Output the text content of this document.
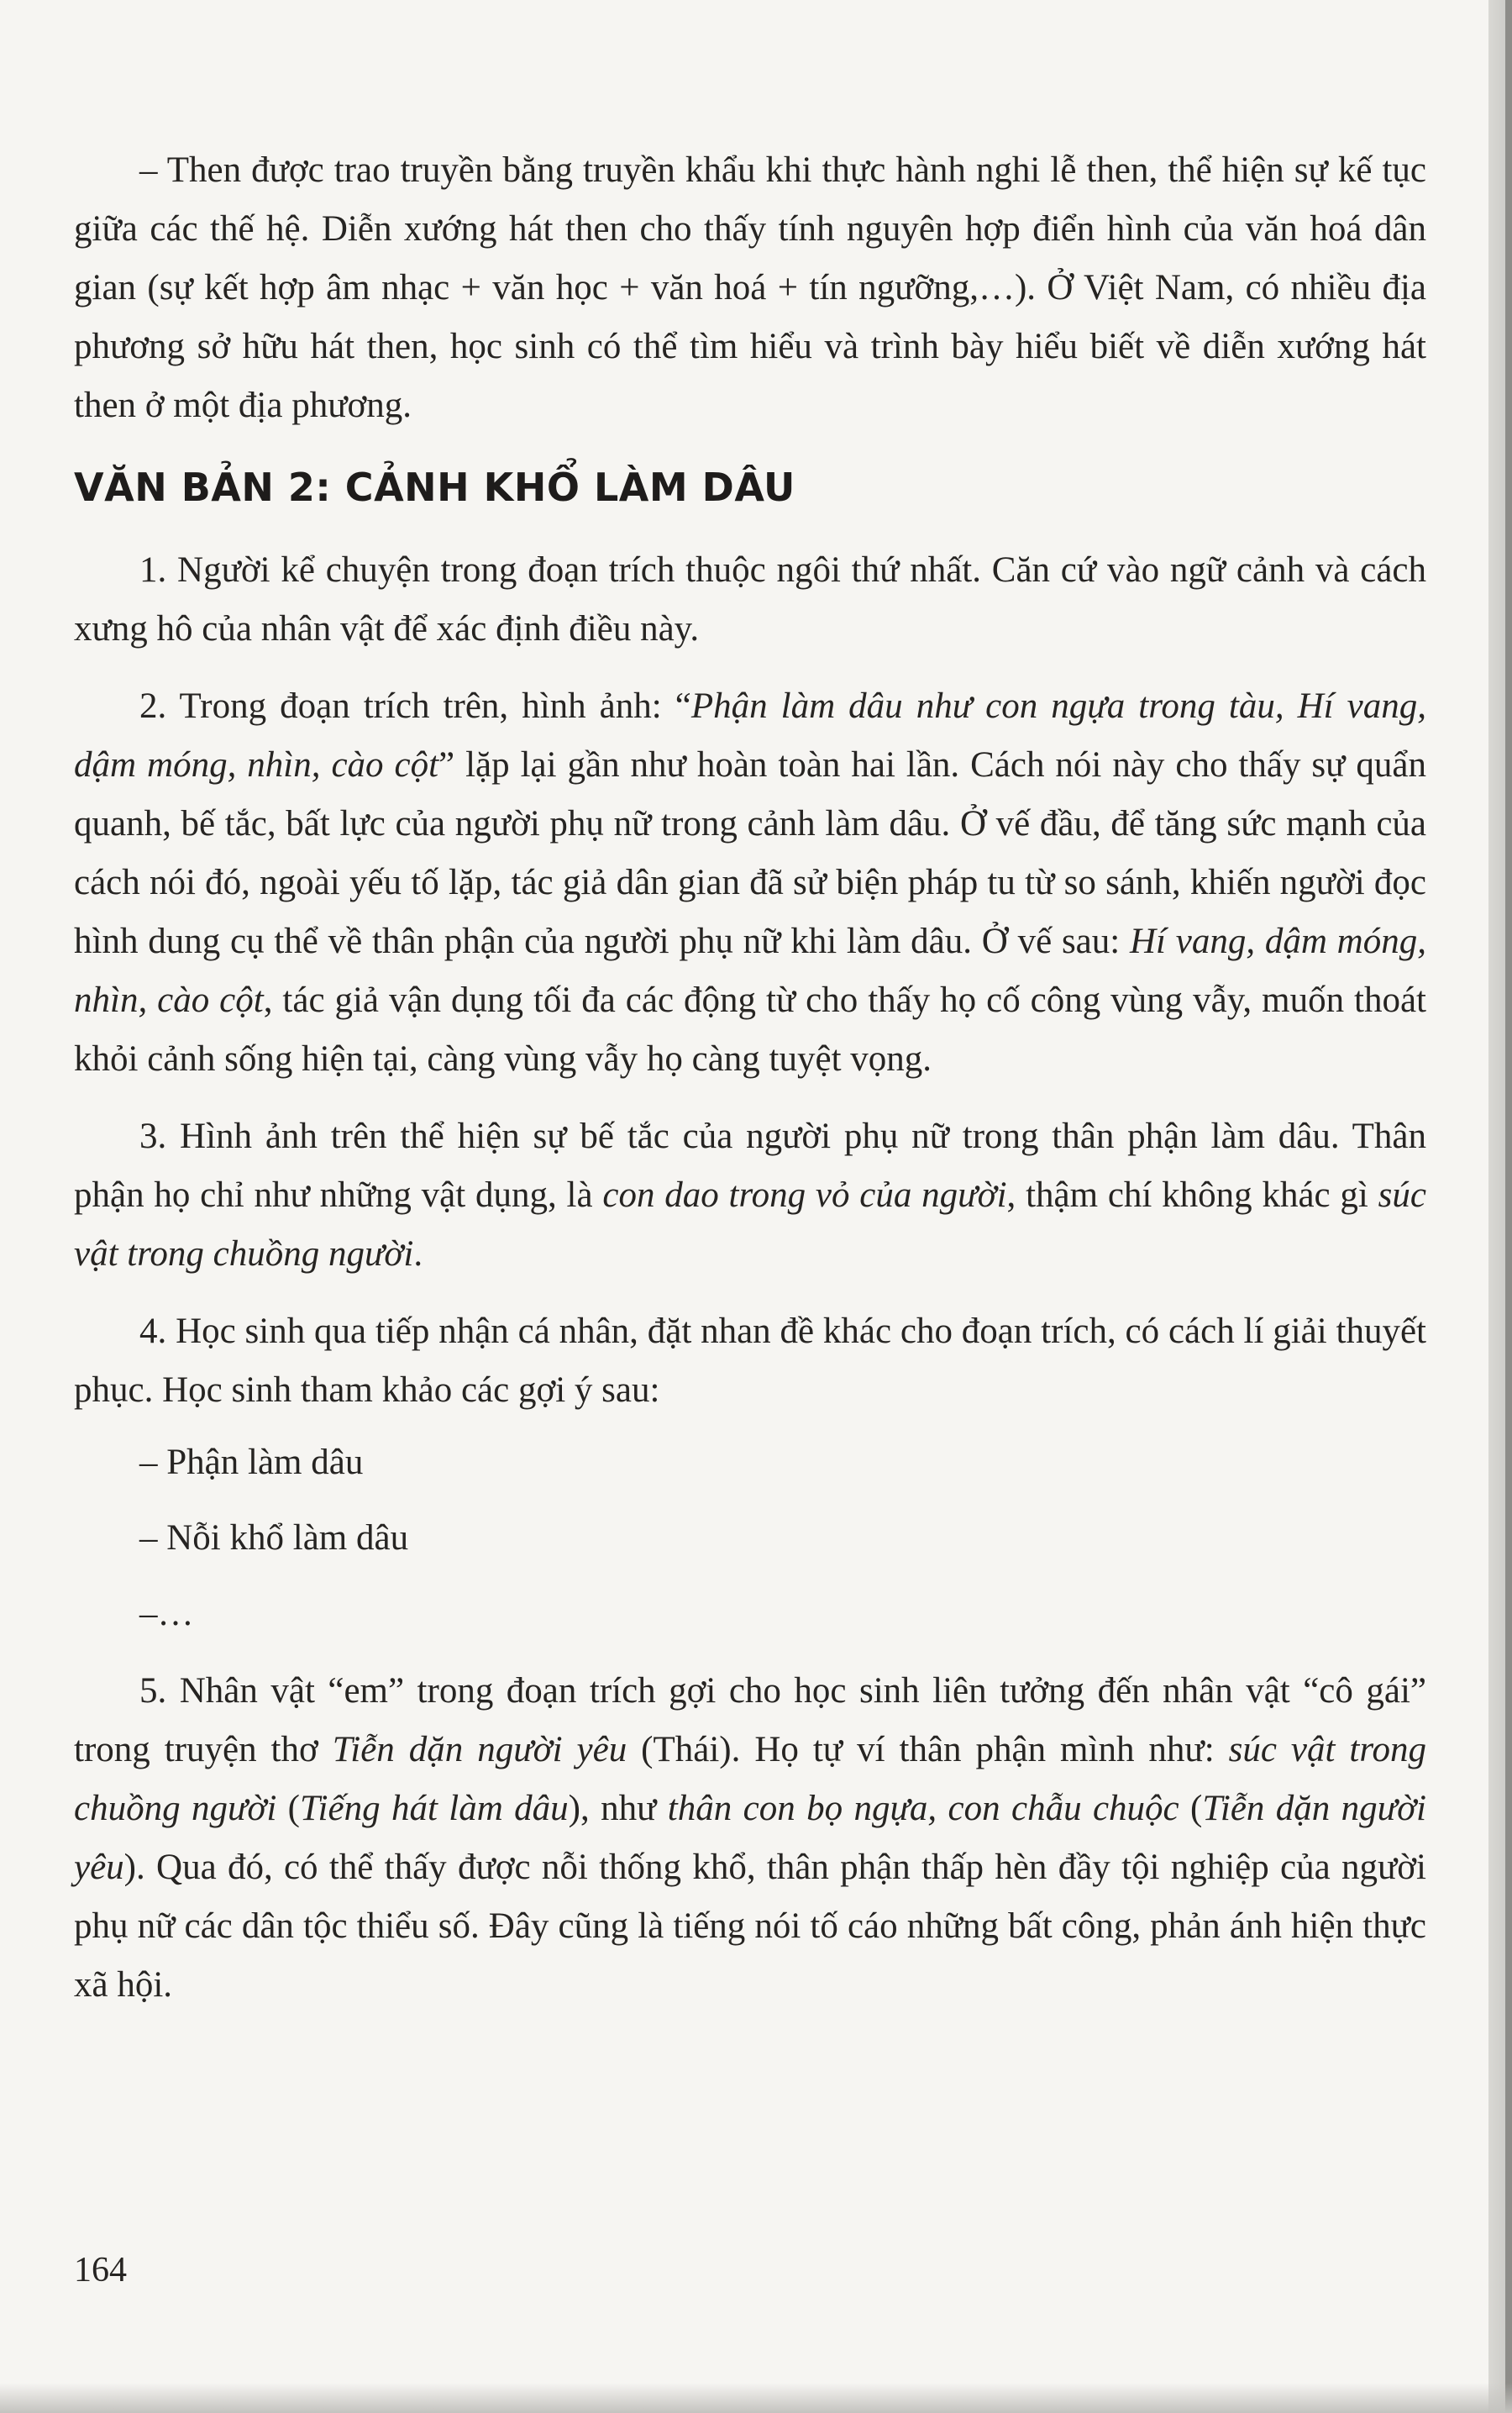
– Then được trao truyền bằng truyền khẩu khi thực hành nghi lễ then, thể hiện sự kế tục giữa các thế hệ. Diễn xướng hát then cho thấy tính nguyên hợp điển hình của văn hoá dân gian (sự kết hợp âm nhạc + văn học + văn hoá + tín ngưỡng,…). Ở Việt Nam, có nhiều địa phương sở hữu hát then, học sinh có thể tìm hiểu và trình bày hiểu biết về diễn xướng hát then ở một địa phương.

VĂN BẢN 2: CẢNH KHỔ LÀM DÂU

1. Người kể chuyện trong đoạn trích thuộc ngôi thứ nhất. Căn cứ vào ngữ cảnh và cách xưng hô của nhân vật để xác định điều này.

2. Trong đoạn trích trên, hình ảnh: “Phận làm dâu như con ngựa trong tàu, Hí vang, dậm móng, nhìn, cào cột” lặp lại gần như hoàn toàn hai lần. Cách nói này cho thấy sự quẩn quanh, bế tắc, bất lực của người phụ nữ trong cảnh làm dâu. Ở vế đầu, để tăng sức mạnh của cách nói đó, ngoài yếu tố lặp, tác giả dân gian đã sử biện pháp tu từ so sánh, khiến người đọc hình dung cụ thể về thân phận của người phụ nữ khi làm dâu. Ở vế sau: Hí vang, dậm móng, nhìn, cào cột, tác giả vận dụng tối đa các động từ cho thấy họ cố công vùng vẫy, muốn thoát khỏi cảnh sống hiện tại, càng vùng vẫy họ càng tuyệt vọng.

3. Hình ảnh trên thể hiện sự bế tắc của người phụ nữ trong thân phận làm dâu. Thân phận họ chỉ như những vật dụng, là con dao trong vỏ của người, thậm chí không khác gì súc vật trong chuồng người.

4. Học sinh qua tiếp nhận cá nhân, đặt nhan đề khác cho đoạn trích, có cách lí giải thuyết phục. Học sinh tham khảo các gợi ý sau:

– Phận làm dâu
– Nỗi khổ làm dâu
–…

5. Nhân vật “em” trong đoạn trích gợi cho học sinh liên tưởng đến nhân vật “cô gái” trong truyện thơ Tiễn dặn người yêu (Thái). Họ tự ví thân phận mình như: súc vật trong chuồng người (Tiếng hát làm dâu), như thân con bọ ngựa, con chẫu chuộc (Tiễn dặn người yêu). Qua đó, có thể thấy được nỗi thống khổ, thân phận thấp hèn đầy tội nghiệp của người phụ nữ các dân tộc thiểu số. Đây cũng là tiếng nói tố cáo những bất công, phản ánh hiện thực xã hội.

164
